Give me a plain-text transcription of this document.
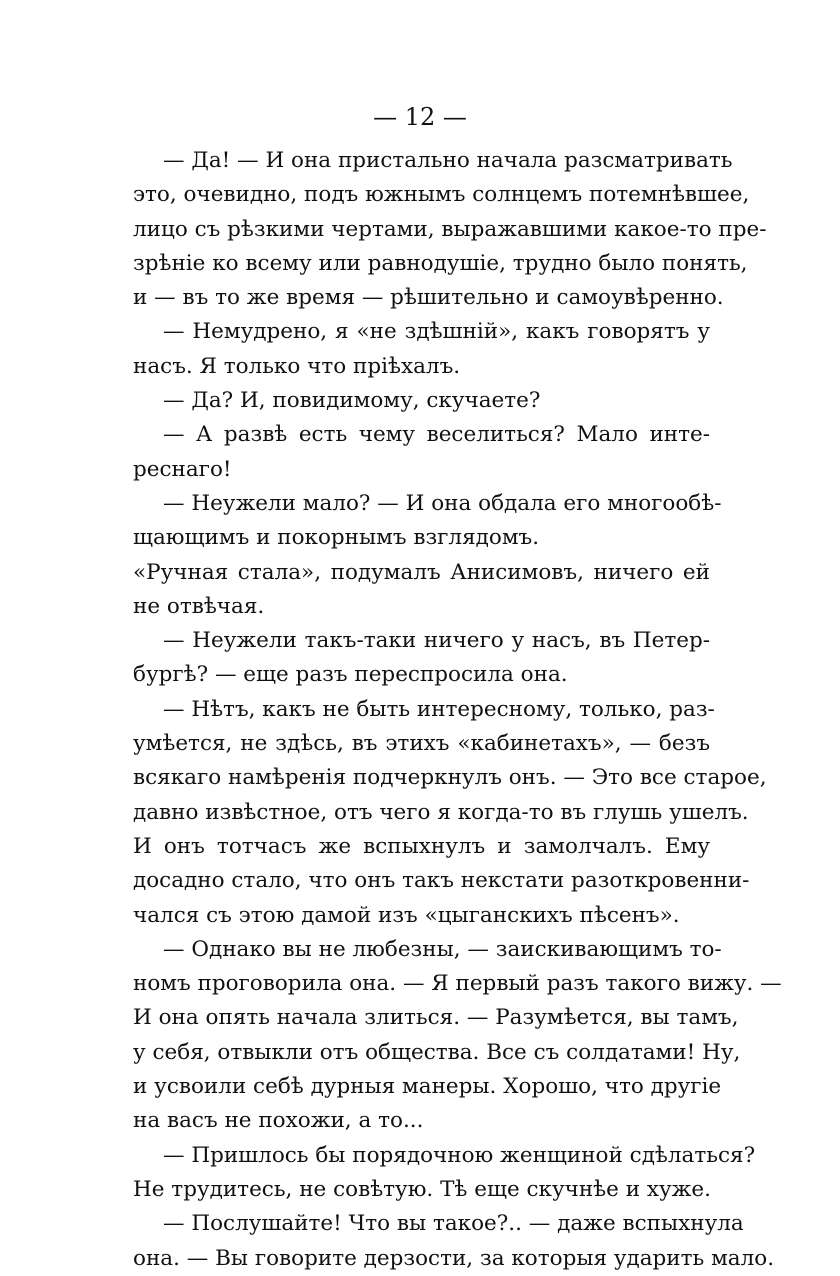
— 12 —
— Да! — И она пристально начала разсматривать
это, очевидно, подъ южнымъ солнцемъ потемнѣвшее,
лицо съ рѣзкими чертами, выражавшими какое-то пре-
зрѣніе ко всему или равнодушіе, трудно было понять,
и — въ то же время — рѣшительно и самоувѣренно.
— Немудрено, я «не здѣшній», какъ говорятъ у
насъ. Я только что пріѣхалъ.
— Да? И, повидимому, скучаете?
— А развѣ есть чему веселиться? Мало инте-
реснаго!
— Неужели мало? — И она обдала его многообѣ-
щающимъ и покорнымъ взглядомъ.
«Ручная стала», подумалъ Анисимовъ, ничего ей
не отвѣчая.
— Неужели такъ-таки ничего у насъ, въ Петер-
бургѣ? — еще разъ переспросила она.
— Нѣтъ, какъ не быть интересному, только, раз-
умѣется, не здѣсь, въ этихъ «кабинетахъ», — безъ
всякаго намѣренія подчеркнулъ онъ. — Это все старое,
давно извѣстное, отъ чего я когда-то въ глушь ушелъ.
И онъ тотчасъ же вспыхнулъ и замолчалъ. Ему
досадно стало, что онъ такъ некстати разоткровенни-
чался съ этою дамой изъ «цыганскихъ пѣсенъ».
— Однако вы не любезны, — заискивающимъ то-
номъ проговорила она. — Я первый разъ такого вижу. —
И она опять начала злиться. — Разумѣется, вы тамъ,
у себя, отвыкли отъ общества. Все съ солдатами! Ну,
и усвоили себѣ дурныя манеры. Хорошо, что другіе
на васъ не похожи, а то...
— Пришлось бы порядочною женщиной сдѣлаться?
Не трудитесь, не совѣтую. Тѣ еще скучнѣе и хуже.
— Послушайте! Что вы такое?.. — даже вспыхнула
она. — Вы говорите дерзости, за которыя ударить мало.
